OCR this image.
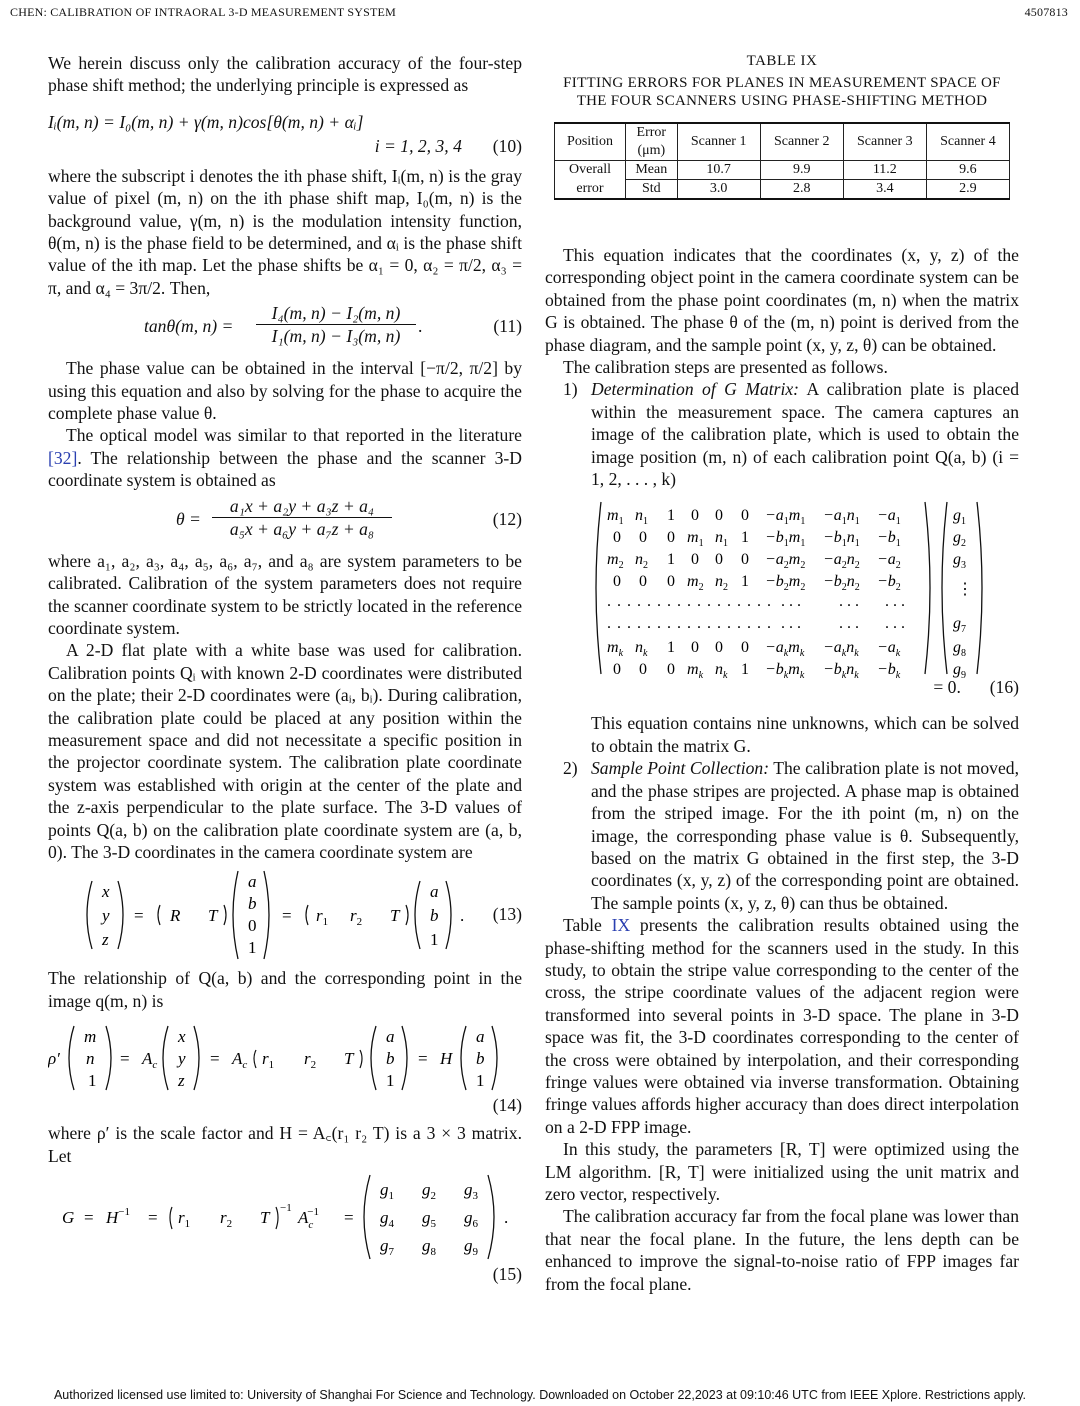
CHEN: CALIBRATION OF INTRAORAL 3-D MEASUREMENT SYSTEM	4507813

We herein discuss only the calibration accuracy of the four-step phase shift method; the underlying principle is expressed as

Iᵢ(m, n) = I₀(m, n) + γ(m, n)cos[θ(m, n) + αᵢ]
i = 1, 2, 3, 4 (10)

where the subscript i denotes the ith phase shift, Iᵢ(m, n) is the gray value of pixel (m, n) on the ith phase shift map, I₀(m, n) is the background value, γ(m, n) is the modulation intensity function, θ(m, n) is the phase field to be determined, and αᵢ is the phase shift value of the ith map. Let the phase shifts be α₁ = 0, α₂ = π/2, α₃ = π, and α₄ = 3π/2. Then,

tanθ(m, $n) = \frac{\text{I₄(m, n) − I₂(m, n)}}{\text{I₁(m, n) − I₃(m, n)}}$ .	(11)

The phase value can be obtained in the interval [−π/2, π/2] by using this equation and also by solving for the phase to acquire the complete phase value θ.

The optical model was similar to that reported in the literature [32]. The relationship between the phase and the scanner 3-D coordinate system is obtained as

$\theta = \frac{\text{a₁x + a₂y + a₃z + a₄}}{\text{a₅x + a₆y + a₇z + a₈}}$	(12)

where a₁, a₂, a₃, a₄, a₅, a₆, a₇, and a₈ are system parameters to be calibrated. Calibration of the system parameters does not require the scanner coordinate system to be strictly located in the reference coordinate system.

A 2-D flat plate with a white base was used for calibration. Calibration points Qᵢ with known 2-D coordinates were distributed on the plate; their 2-D coordinates were (aᵢ, bᵢ). During calibration, the calibration plate could be placed at any position within the measurement space and did not necessitate a specific position in the projector coordinate system. The calibration plate coordinate system was established with origin at the center of the plate and the z-axis perpendicular to the plate surface. The 3-D values of points Q(a, b) on the calibration plate coordinate system are (a, b, 0). The 3-D coordinates in the camera coordinate system are

x
y
z
= R T
a
b
0
1
= $r_1$ $r_2$ T
a
b
1
. (13)

The relationship of Q(a, b) and the corresponding point in the image q(m, n) is

ρ′
m
n
1
= $A_c$
x
y
z
= $A_c$ $r_1$ $r_2$ T
a
b
1
= H
a
b
1
(14)

where ρ′ is the scale factor and H = A꜀(r₁ r₂ T) is a 3 × 3 matrix. Let

$G = H^{-1} = r_1$ $r_2$ T −1 $A_c-1$ =
$g_1$ $g_2$ $g_3$
$g_4$ $g_5$ $g_6$
$g_7$ $g_8$ $g_9$
.
(15)
TABLE IX
FITTING ERRORS FOR PLANES IN MEASUREMENT SPACE OF
THE FOUR SCANNERS USING PHASE-SHIFTING METHOD
Position	Error	Scanner 1	Scanner 2	Scanner 3	Scanner 4
	(μm)				
Overall	Mean	10.7	9.9	11.2	9.6
error	Std	3.0	2.8	3.4	2.9

This equation indicates that the coordinates (x, y, z) of the corresponding object point in the camera coordinate system can be obtained from the phase point coordinates (m, n) when the matrix G is obtained. The phase θ of the (m, n) point is derived from the phase diagram, and the sample point (x, y, z, θ) can be obtained.

The calibration steps are presented as follows.

1) Determination of G Matrix: A calibration plate is placed within the measurement space. The camera captures an image of the calibration plate, which is used to obtain the image position (m, n) of each calibration point Q(a, b) (i = 1, 2, . . . , k)

$m_1$ $n_1$ 1 0 0 $0 -a_1m_1 -a_1n_1 -a_1$
0 0 0 $m_1$ $n_1$ $1 -b_1m_1 -b_1n_1 -b_1$
$m_2$ $n_2$ 1 0 0 $0 -a_2m_2 -a_2n_2 -a_2$
0 0 0 $m_2$ $n_2$ $1 -b_2m_2 -b_2n_2 -b_2$
. . . . . . . . . . . . . . . . . . . . . . . . . .
. . . . . . . . . . . . . . . . . . . . . . . . . .
$m_k$ $n_k$ 1 0 0 $0 -a_km_k -a_kn_k -a_k$
0 0 0 $m_k$ $n_k$ $1 -b_km_k -b_kn_k -b_k$
$g_1$
$g_2$
$g_3$
⋮
$g_7$
$g_8$
$g_9$
= 0. (16)

This equation contains nine unknowns, which can be solved to obtain the matrix G.

2) Sample Point Collection: The calibration plate is not moved, and the phase stripes are projected. A phase map is obtained from the striped image. For the ith point (m, n) on the image, the corresponding phase value is θ. Subsequently, based on the matrix G obtained in the first step, the 3-D coordinates (x, y, z) of the corresponding point are obtained. The sample points (x, y, z, θ) can thus be obtained.

Table IX presents the calibration results obtained using the phase-shifting method for the scanners used in the study. In this study, to obtain the stripe value corresponding to the center of the cross, the stripe coordinate values of the adjacent region were transformed into several points in 3-D space. The plane in 3-D space was fit, the 3-D coordinates corresponding to the center of the cross were obtained by interpolation, and their corresponding fringe values were obtained via inverse transformation. Obtaining fringe values affords higher accuracy than does direct interpolation on a 2-D FPP image.

In this study, the parameters [R, T] were optimized using the LM algorithm. [R, T] were initialized using the unit matrix and zero vector, respectively.

The calibration accuracy far from the focal plane was lower than that near the focal plane. In the future, the lens depth can be enhanced to improve the signal-to-noise ratio of FPP images far from the focal plane.

Authorized licensed use limited to: University of Shanghai For Science and Technology. Downloaded on October 22,2023 at 09:10:46 UTC from IEEE Xplore. Restrictions apply.
